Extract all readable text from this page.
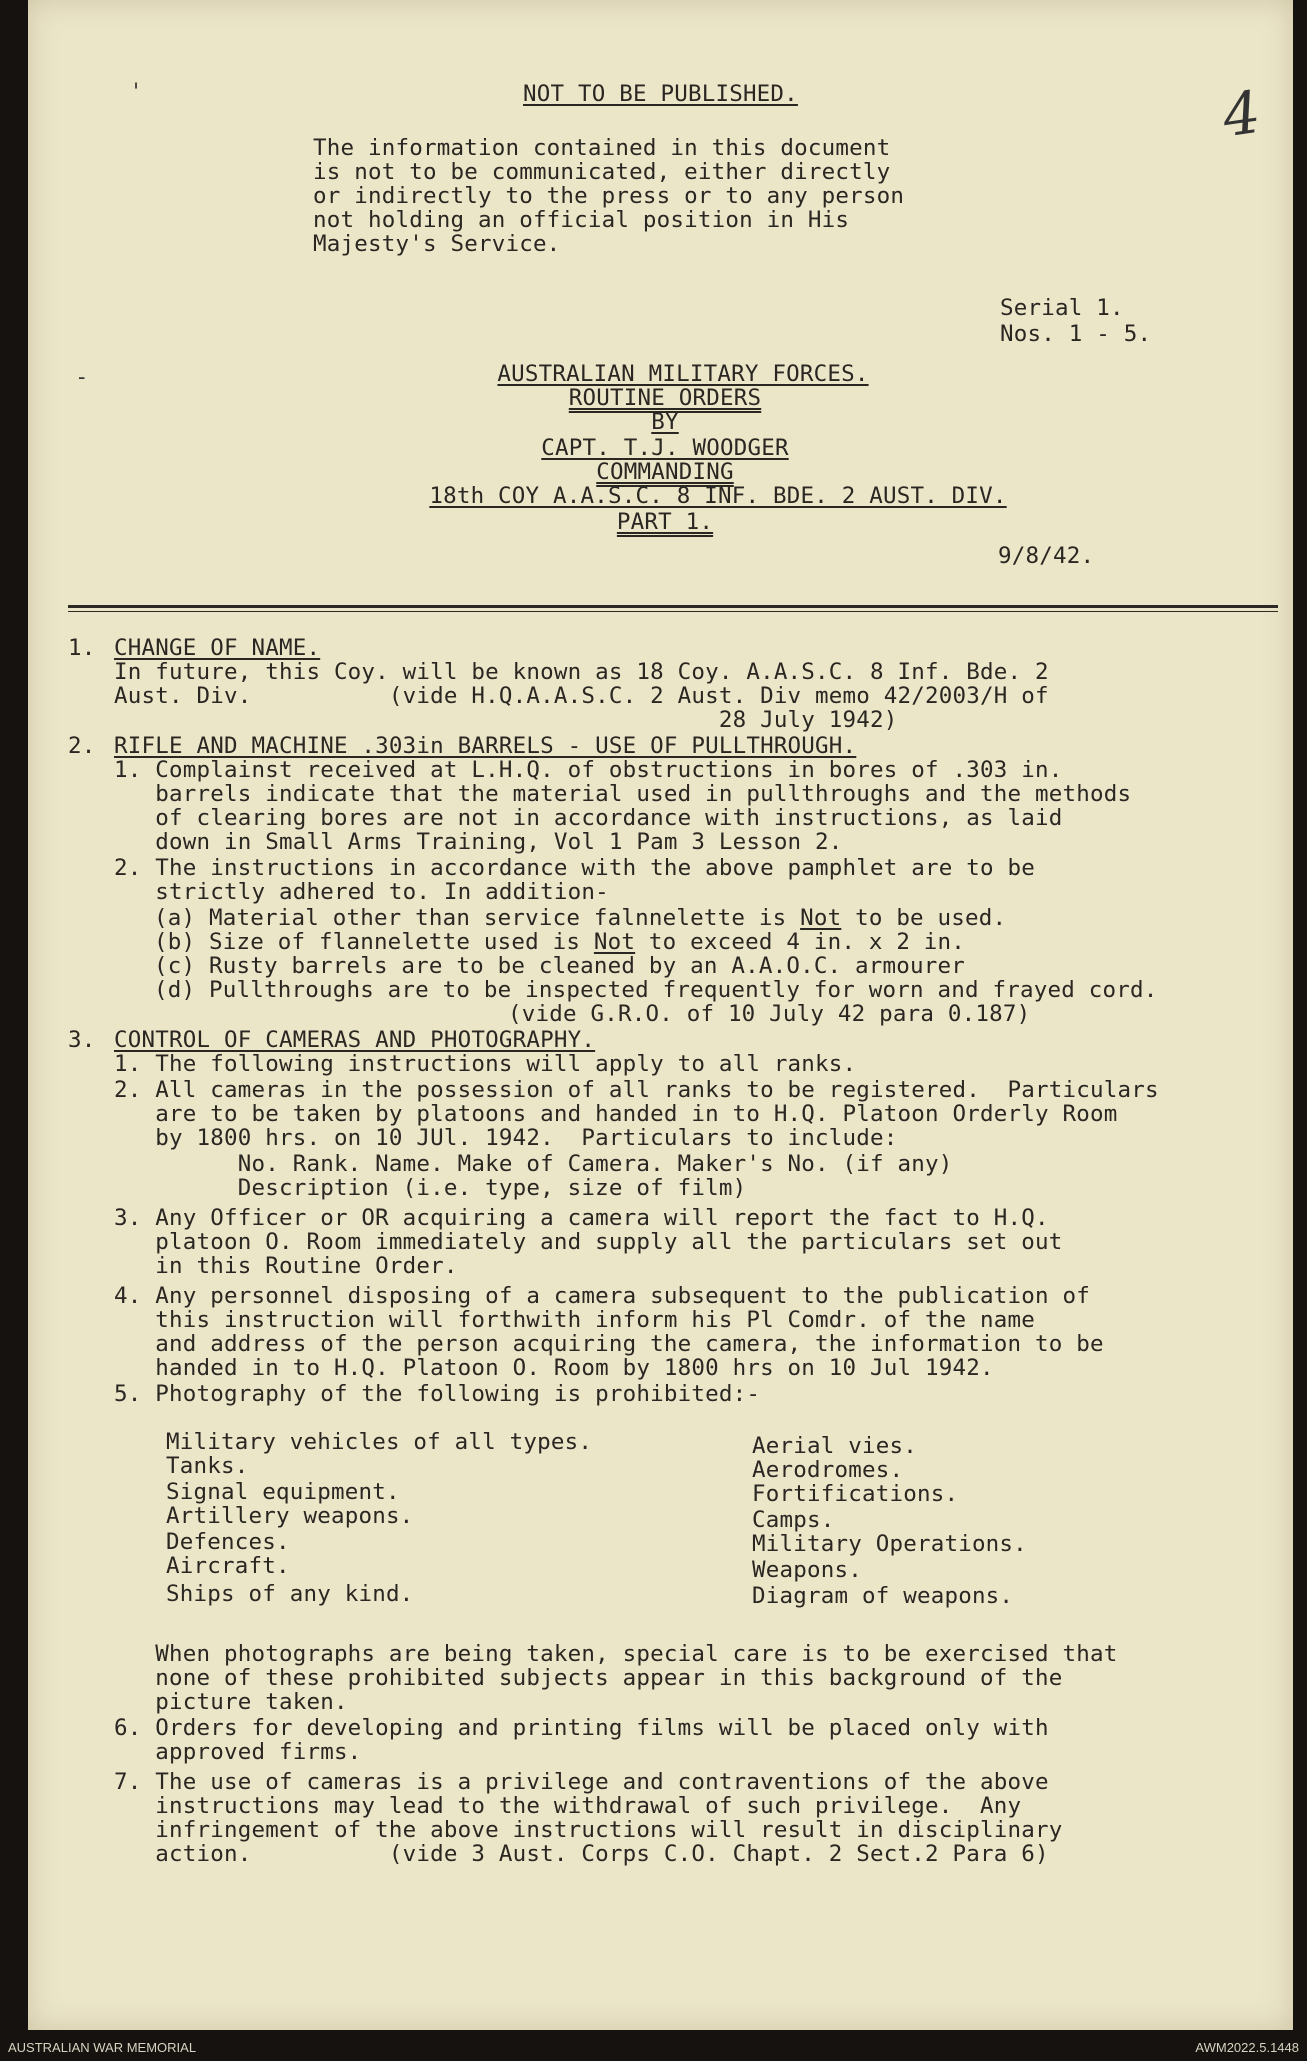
4
'
-
NOT TO BE PUBLISHED.
The information contained in this document
is not to be communicated, either directly
or indirectly to the press or to any person
not holding an official position in His
Majesty's Service.
Serial 1.
Nos. 1 - 5.
AUSTRALIAN MILITARY FORCES.
ROUTINE ORDERS
BY
CAPT. T.J. WOODGER
COMMANDING
18th COY A.A.S.C. 8 INF. BDE. 2 AUST. DIV.
PART 1.
9/8/42.
1. CHANGE OF NAME.
In future, this Coy. will be known as 18 Coy. A.A.S.C. 8 Inf. Bde. 2
Aust. Div.          (vide H.Q.A.A.S.C. 2 Aust. Div memo 42/2003/H of
28 July 1942)
2. RIFLE AND MACHINE .303in BARRELS - USE OF PULLTHROUGH.
1. Complainst received at L.H.Q. of obstructions in bores of .303 in.
barrels indicate that the material used in pullthroughs and the methods
of clearing bores are not in accordance with instructions, as laid
down in Small Arms Training, Vol 1 Pam 3 Lesson 2.
2. The instructions in accordance with the above pamphlet are to be
strictly adhered to. In addition-
(a) Material other than service falnnelette is Not to be used.
(b) Size of flannelette used is Not to exceed 4 in. x 2 in.
(c) Rusty barrels are to be cleaned by an A.A.O.C. armourer
(d) Pullthroughs are to be inspected frequently for worn and frayed cord.
(vide G.R.O. of 10 July 42 para 0.187)
3. CONTROL OF CAMERAS AND PHOTOGRAPHY.
1. The following instructions will apply to all ranks.
2. All cameras in the possession of all ranks to be registered.  Particulars
are to be taken by platoons and handed in to H.Q. Platoon Orderly Room
by 1800 hrs. on 10 JUl. 1942.  Particulars to include:
No. Rank. Name. Make of Camera. Maker's No. (if any)
Description (i.e. type, size of film)
3. Any Officer or OR acquiring a camera will report the fact to H.Q.
platoon O. Room immediately and supply all the particulars set out
in this Routine Order.
4. Any personnel disposing of a camera subsequent to the publication of
this instruction will forthwith inform his Pl Comdr. of the name
and address of the person acquiring the camera, the information to be
handed in to H.Q. Platoon O. Room by 1800 hrs on 10 Jul 1942.
5. Photography of the following is prohibited:-
Military vehicles of all types.
Tanks.
Signal equipment.
Artillery weapons.
Defences.
Aircraft.
Ships of any kind.
Aerial vies.
Aerodromes.
Fortifications.
Camps.
Military Operations.
Weapons.
Diagram of weapons.
When photographs are being taken, special care is to be exercised that
none of these prohibited subjects appear in this background of the
picture taken.
6. Orders for developing and printing films will be placed only with
approved firms.
7. The use of cameras is a privilege and contraventions of the above
instructions may lead to the withdrawal of such privilege.  Any
infringement of the above instructions will result in disciplinary
action.          (vide 3 Aust. Corps C.O. Chapt. 2 Sect.2 Para 6)
AUSTRALIAN WAR MEMORIAL	AWM2022.5.1448
